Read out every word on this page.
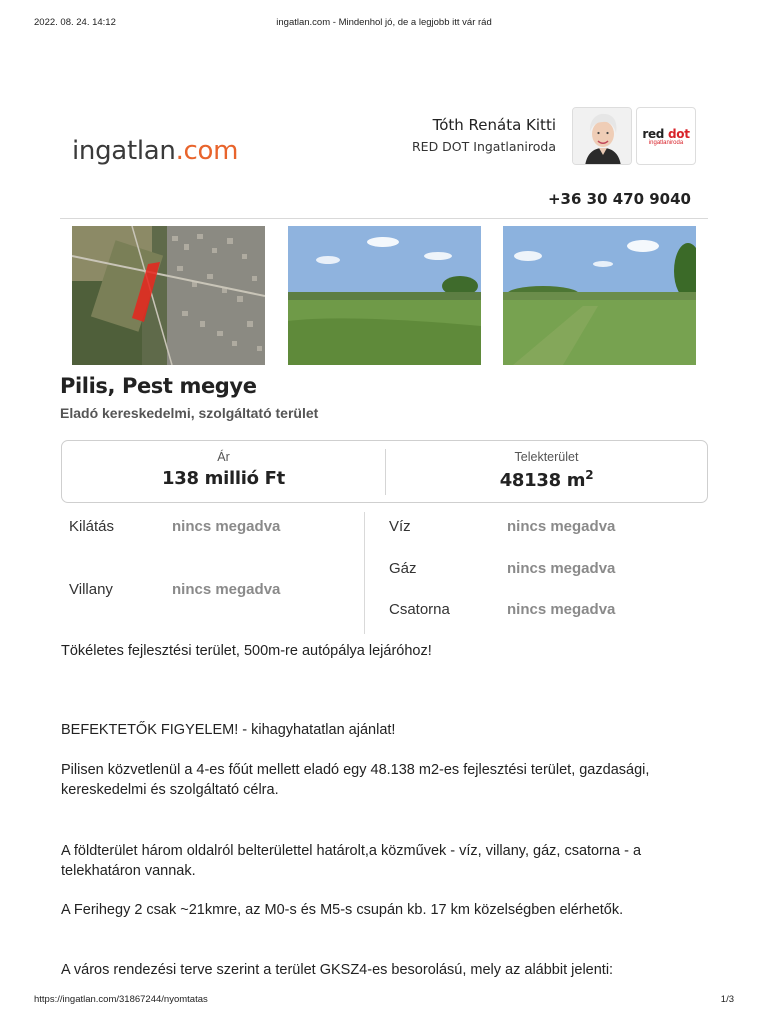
2022. 08. 24. 14:12	ingatlan.com - Mindenhol jó, de a legjobb itt vár rád
ingatlan.com
Tóth Renáta Kitti
RED DOT Ingatlaniroda
red dot
ingatlaniroda
+36 30 470 9040
Pilis, Pest megye
Eladó kereskedelmi, szolgáltató terület
Ár
138 millió Ft
Telekterület
48138 $m^2$
Kilátás	nincs megadva
Villany	nincs megadva
Víz	nincs megadva
Gáz	nincs megadva
Csatorna	nincs megadva
Tökéletes fejlesztési terület, 500m-re autópálya lejáróhoz!
BEFEKTETŐK FIGYELEM! - kihagyhatatlan ajánlat!
Pilisen közvetlenül a 4-es főút mellett eladó egy 48.138 m2-es fejlesztési terület, gazdasági, kereskedelmi és szolgáltató célra.
A földterület három oldalról belterülettel határolt,a közművek - víz, villany, gáz, csatorna - a telekhatáron vannak.
A Ferihegy 2 csak ~21kmre, az M0-s és M5-s csupán kb. 17 km közelségben elérhetők.
A város rendezési terve szerint a terület GKSZ4-es besorolású, mely az alábbit jelenti:
https://ingatlan.com/31867244/nyomtatas	1/3
